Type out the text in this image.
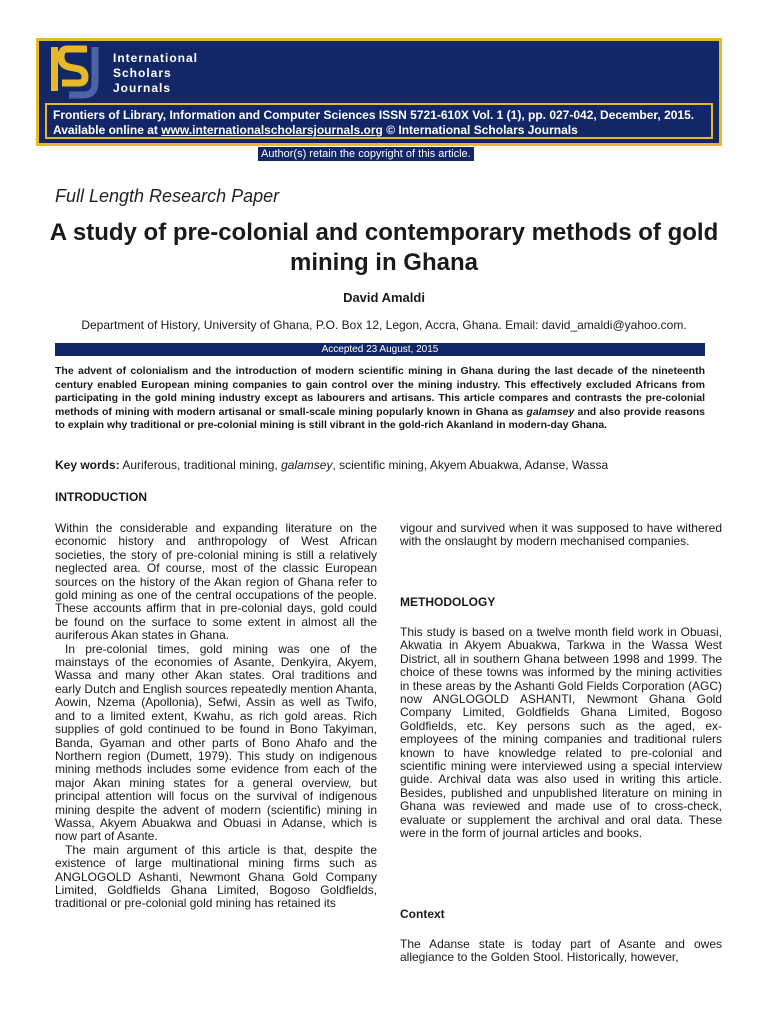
International
Scholars
Journals
Frontiers of Library, Information and Computer Sciences ISSN 5721-610X Vol. 1 (1), pp. 027-042, December, 2015. Available online at www.internationalscholarsjournals.org © International Scholars Journals
Author(s) retain the copyright of this article.
Full Length Research Paper
A study of pre-colonial and contemporary methods of gold mining in Ghana
David Amaldi
Department of History, University of Ghana, P.O. Box 12, Legon, Accra, Ghana. Email: david_amaldi@yahoo.com.
Accepted 23 August, 2015
The advent of colonialism and the introduction of modern scientific mining in Ghana during the last decade of the nineteenth century enabled European mining companies to gain control over the mining industry. This effectively excluded Africans from participating in the gold mining industry except as labourers and artisans. This article compares and contrasts the pre-colonial methods of mining with modern artisanal or small-scale mining popularly known in Ghana as galamsey and also provide reasons to explain why traditional or pre-colonial mining is still vibrant in the gold-rich Akanland in modern-day Ghana.
Key words: Auriferous, traditional mining, galamsey, scientific mining, Akyem Abuakwa, Adanse, Wassa
INTRODUCTION

Within the considerable and expanding literature on the economic history and anthropology of West African societies, the story of pre-colonial mining is still a relatively neglected area. Of course, most of the classic European sources on the history of the Akan region of Ghana refer to gold mining as one of the central occupations of the people. These accounts affirm that in pre-colonial days, gold could be found on the surface to some extent in almost all the auriferous Akan states in Ghana.

In pre-colonial times, gold mining was one of the mainstays of the economies of Asante, Denkyira, Akyem, Wassa and many other Akan states. Oral traditions and early Dutch and English sources repeatedly mention Ahanta, Aowin, Nzema (Apollonia), Sefwi, Assin as well as Twifo, and to a limited extent, Kwahu, as rich gold areas. Rich supplies of gold continued to be found in Bono Takyiman, Banda, Gyaman and other parts of Bono Ahafo and the Northern region (Dumett, 1979). This study on indigenous mining methods includes some evidence from each of the major Akan mining states for a general overview, but principal attention will focus on the survival of indigenous mining despite the advent of modern (scientific) mining in Wassa, Akyem Abuakwa and Obuasi in Adanse, which is now part of Asante.

The main argument of this article is that, despite the existence of large multinational mining firms such as ANGLOGOLD Ashanti, Newmont Ghana Gold Company Limited, Goldfields Ghana Limited, Bogoso Goldfields, traditional or pre-colonial gold mining has retained its

vigour and survived when it was supposed to have withered with the onslaught by modern mechanised companies.
METHODOLOGY
This study is based on a twelve month field work in Obuasi, Akwatia in Akyem Abuakwa, Tarkwa in the Wassa West District, all in southern Ghana between 1998 and 1999. The choice of these towns was informed by the mining activities in these areas by the Ashanti Gold Fields Corporation (AGC) now ANGLOGOLD ASHANTI, Newmont Ghana Gold Company Limited, Goldfields Ghana Limited, Bogoso Goldfields, etc. Key persons such as the aged, ex-employees of the mining companies and traditional rulers known to have knowledge related to pre-colonial and scientific mining were interviewed using a special interview guide. Archival data was also used in writing this article. Besides, published and unpublished literature on mining in Ghana was reviewed and made use of to cross-check, evaluate or supplement the archival and oral data. These were in the form of journal articles and books.
Context
The Adanse state is today part of Asante and owes allegiance to the Golden Stool. Historically, however,
